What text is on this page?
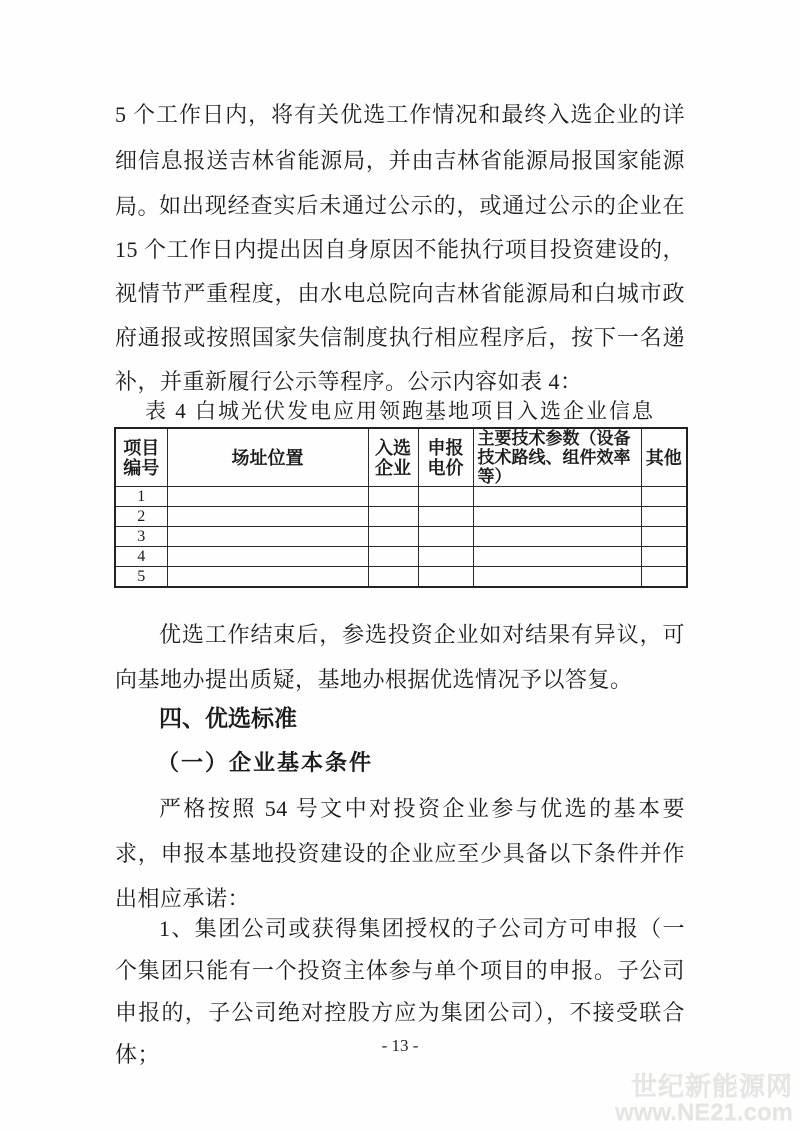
5 个工作日内，将有关优选工作情况和最终入选企业的详细信息报送吉林省能源局，并由吉林省能源局报国家能源局。

如出现经查实后未通过公示的，或通过公示的企业在 15 个工作日内提出因自身原因不能执行项目投资建设的，视情节严重程度，由水电总院向吉林省能源局和白城市政府通报或按照国家失信制度执行相应程序后，按下一名递补，并重新履行公示等程序。公示内容如表 4：

表 4 白城光伏发电应用领跑基地项目入选企业信息
项目编号	场址位置	入选企业	申报电价	主要技术参数（设备技术路线、组件效率等）	其他
1					
2					
3					
4					
5					

优选工作结束后，参选投资企业如对结果有异议，可向基地办提出质疑，基地办根据优选情况予以答复。

四、优选标准
（一）企业基本条件

严格按照 54 号文中对投资企业参与优选的基本要求，申报本基地投资建设的企业应至少具备以下条件并作出相应承诺：

1、集团公司或获得集团授权的子公司方可申报（一个集团只能有一个投资主体参与单个项目的申报。子公司申报的，子公司绝对控股方应为集团公司），不接受联合体；	- 13 -
世纪新能源网
www.NE21.com
